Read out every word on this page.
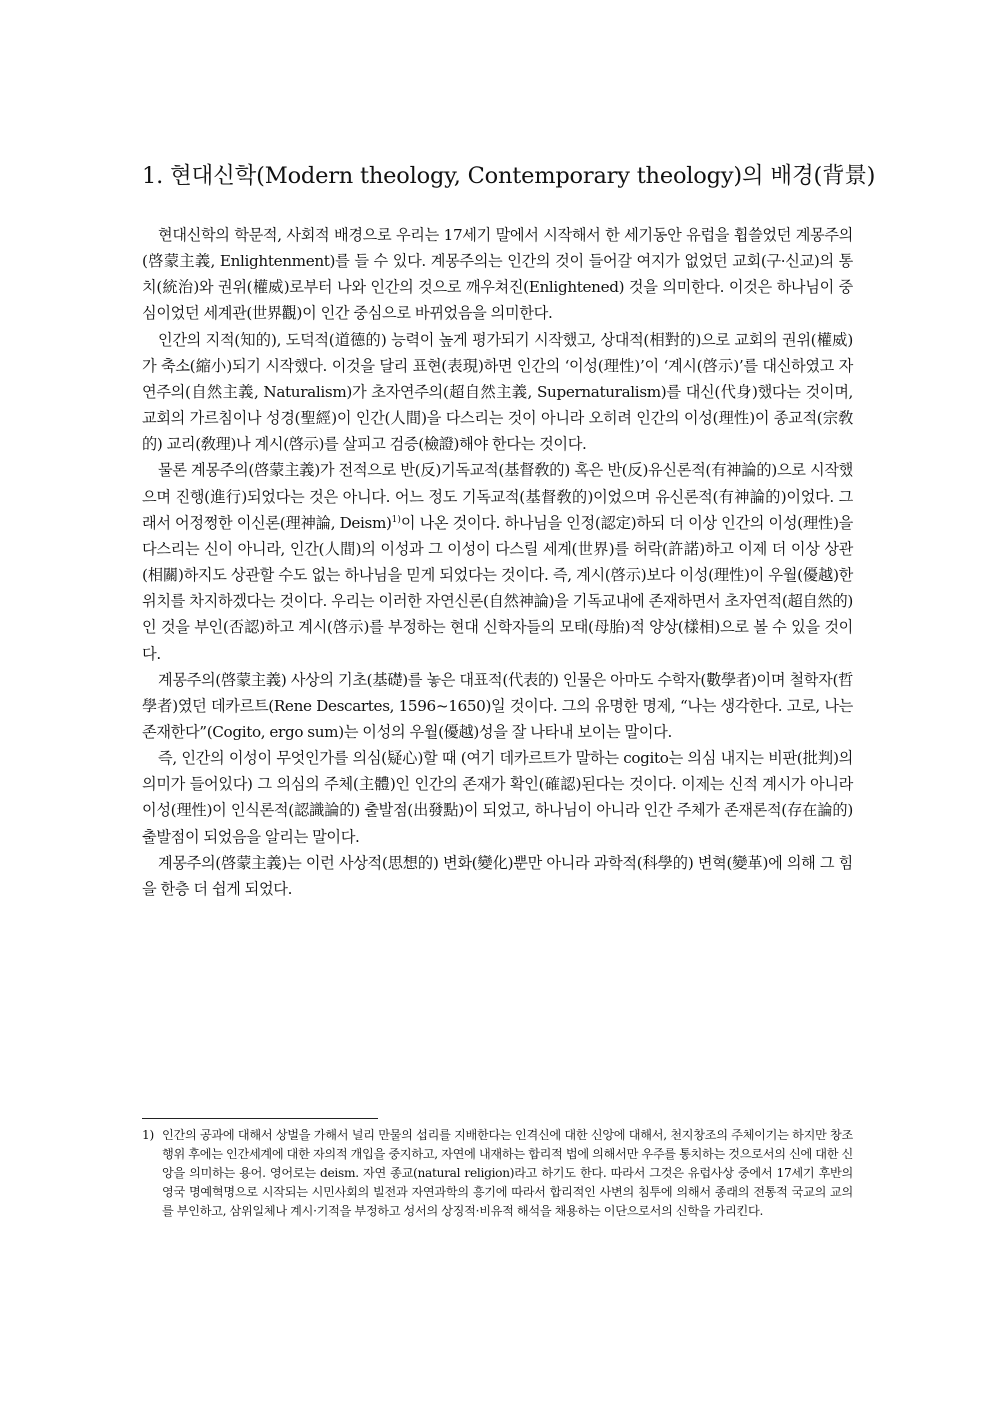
1. 현대신학(Modern theology, Contemporary theology)의 배경(背景)

현대신학의 학문적, 사회적 배경으로 우리는 17세기 말에서 시작해서 한 세기동안 유럽을 휩쓸었던 계몽주의(啓蒙主義, Enlightenment)를 들 수 있다. 계몽주의는 인간의 것이 들어갈 여지가 없었던 교회(구·신교)의 통치(統治)와 권위(權威)로부터 나와 인간의 것으로 깨우쳐진(Enlightened) 것을 의미한다. 이것은 하나님이 중심이었던 세계관(世界觀)이 인간 중심으로 바뀌었음을 의미한다.

인간의 지적(知的), 도덕적(道德的) 능력이 높게 평가되기 시작했고, 상대적(相對的)으로 교회의 권위(權威)가 축소(縮小)되기 시작했다. 이것을 달리 표현(表現)하면 인간의 ‘이성(理性)’이 ‘계시(啓示)’를 대신하였고 자연주의(自然主義, Naturalism)가 초자연주의(超自然主義, Supernaturalism)를 대신(代身)했다는 것이며, 교회의 가르침이나 성경(聖經)이 인간(人間)을 다스리는 것이 아니라 오히려 인간의 이성(理性)이 종교적(宗敎的) 교리(敎理)나 계시(啓示)를 살피고 검증(檢證)해야 한다는 것이다.

물론 계몽주의(啓蒙主義)가 전적으로 반(反)기독교적(基督敎的) 혹은 반(反)유신론적(有神論的)으로 시작했으며 진행(進行)되었다는 것은 아니다. 어느 정도 기독교적(基督敎的)이었으며 유신론적(有神論的)이었다. 그래서 어정쩡한 이신론(理神論, Deism)$^{1)}$이 나온 것이다. 하나님을 인정(認定)하되 더 이상 인간의 이성(理性)을 다스리는 신이 아니라, 인간(人間)의 이성과 그 이성이 다스릴 세계(世界)를 허락(許諾)하고 이제 더 이상 상관(相關)하지도 상관할 수도 없는 하나님을 믿게 되었다는 것이다. 즉, 계시(啓示)보다 이성(理性)이 우월(優越)한 위치를 차지하겠다는 것이다. 우리는 이러한 자연신론(自然神論)을 기독교내에 존재하면서 초자연적(超自然的)인 것을 부인(否認)하고 계시(啓示)를 부정하는 현대 신학자들의 모태(母胎)적 양상(樣相)으로 볼 수 있을 것이다.

계몽주의(啓蒙主義) 사상의 기초(基礎)를 놓은 대표적(代表的) 인물은 아마도 수학자(數學者)이며 철학자(哲學者)였던 데카르트(Rene Descartes, 1596~1650)일 것이다. 그의 유명한 명제, “나는 생각한다. 고로, 나는 존재한다”(Cogito, ergo sum)는 이성의 우월(優越)성을 잘 나타내 보이는 말이다.

즉, 인간의 이성이 무엇인가를 의심(疑心)할 때 (여기 데카르트가 말하는 cogito는 의심 내지는 비판(批判)의 의미가 들어있다) 그 의심의 주체(主體)인 인간의 존재가 확인(確認)된다는 것이다. 이제는 신적 계시가 아니라 이성(理性)이 인식론적(認識論的) 출발점(出發點)이 되었고, 하나님이 아니라 인간 주체가 존재론적(存在論的) 출발점이 되었음을 알리는 말이다.

계몽주의(啓蒙主義)는 이런 사상적(思想的) 변화(變化)뿐만 아니라 과학적(科學的) 변혁(變革)에 의해 그 힘을 한층 더 쉽게 되었다.

1) 인간의 공과에 대해서 상벌을 가해서 널리 만물의 섭리를 지배한다는 인격신에 대한 신앙에 대해서, 천지창조의 주체이기는 하지만 창조행위 후에는 인간세계에 대한 자의적 개입을 중지하고, 자연에 내재하는 합리적 법에 의해서만 우주를 통치하는 것으로서의 신에 대한 신앙을 의미하는 용어. 영어로는 deism. 자연 종교(natural religion)라고 하기도 한다. 따라서 그것은 유럽사상 중에서 17세기 후반의 영국 명예혁명으로 시작되는 시민사회의 빌전과 자연과학의 흥기에 따라서 합리적인 사변의 침투에 의해서 종래의 전통적 국교의 교의를 부인하고, 삼위일체나 계시·기적을 부정하고 성서의 상징적·비유적 해석을 채용하는 이단으로서의 신학을 가리킨다.
